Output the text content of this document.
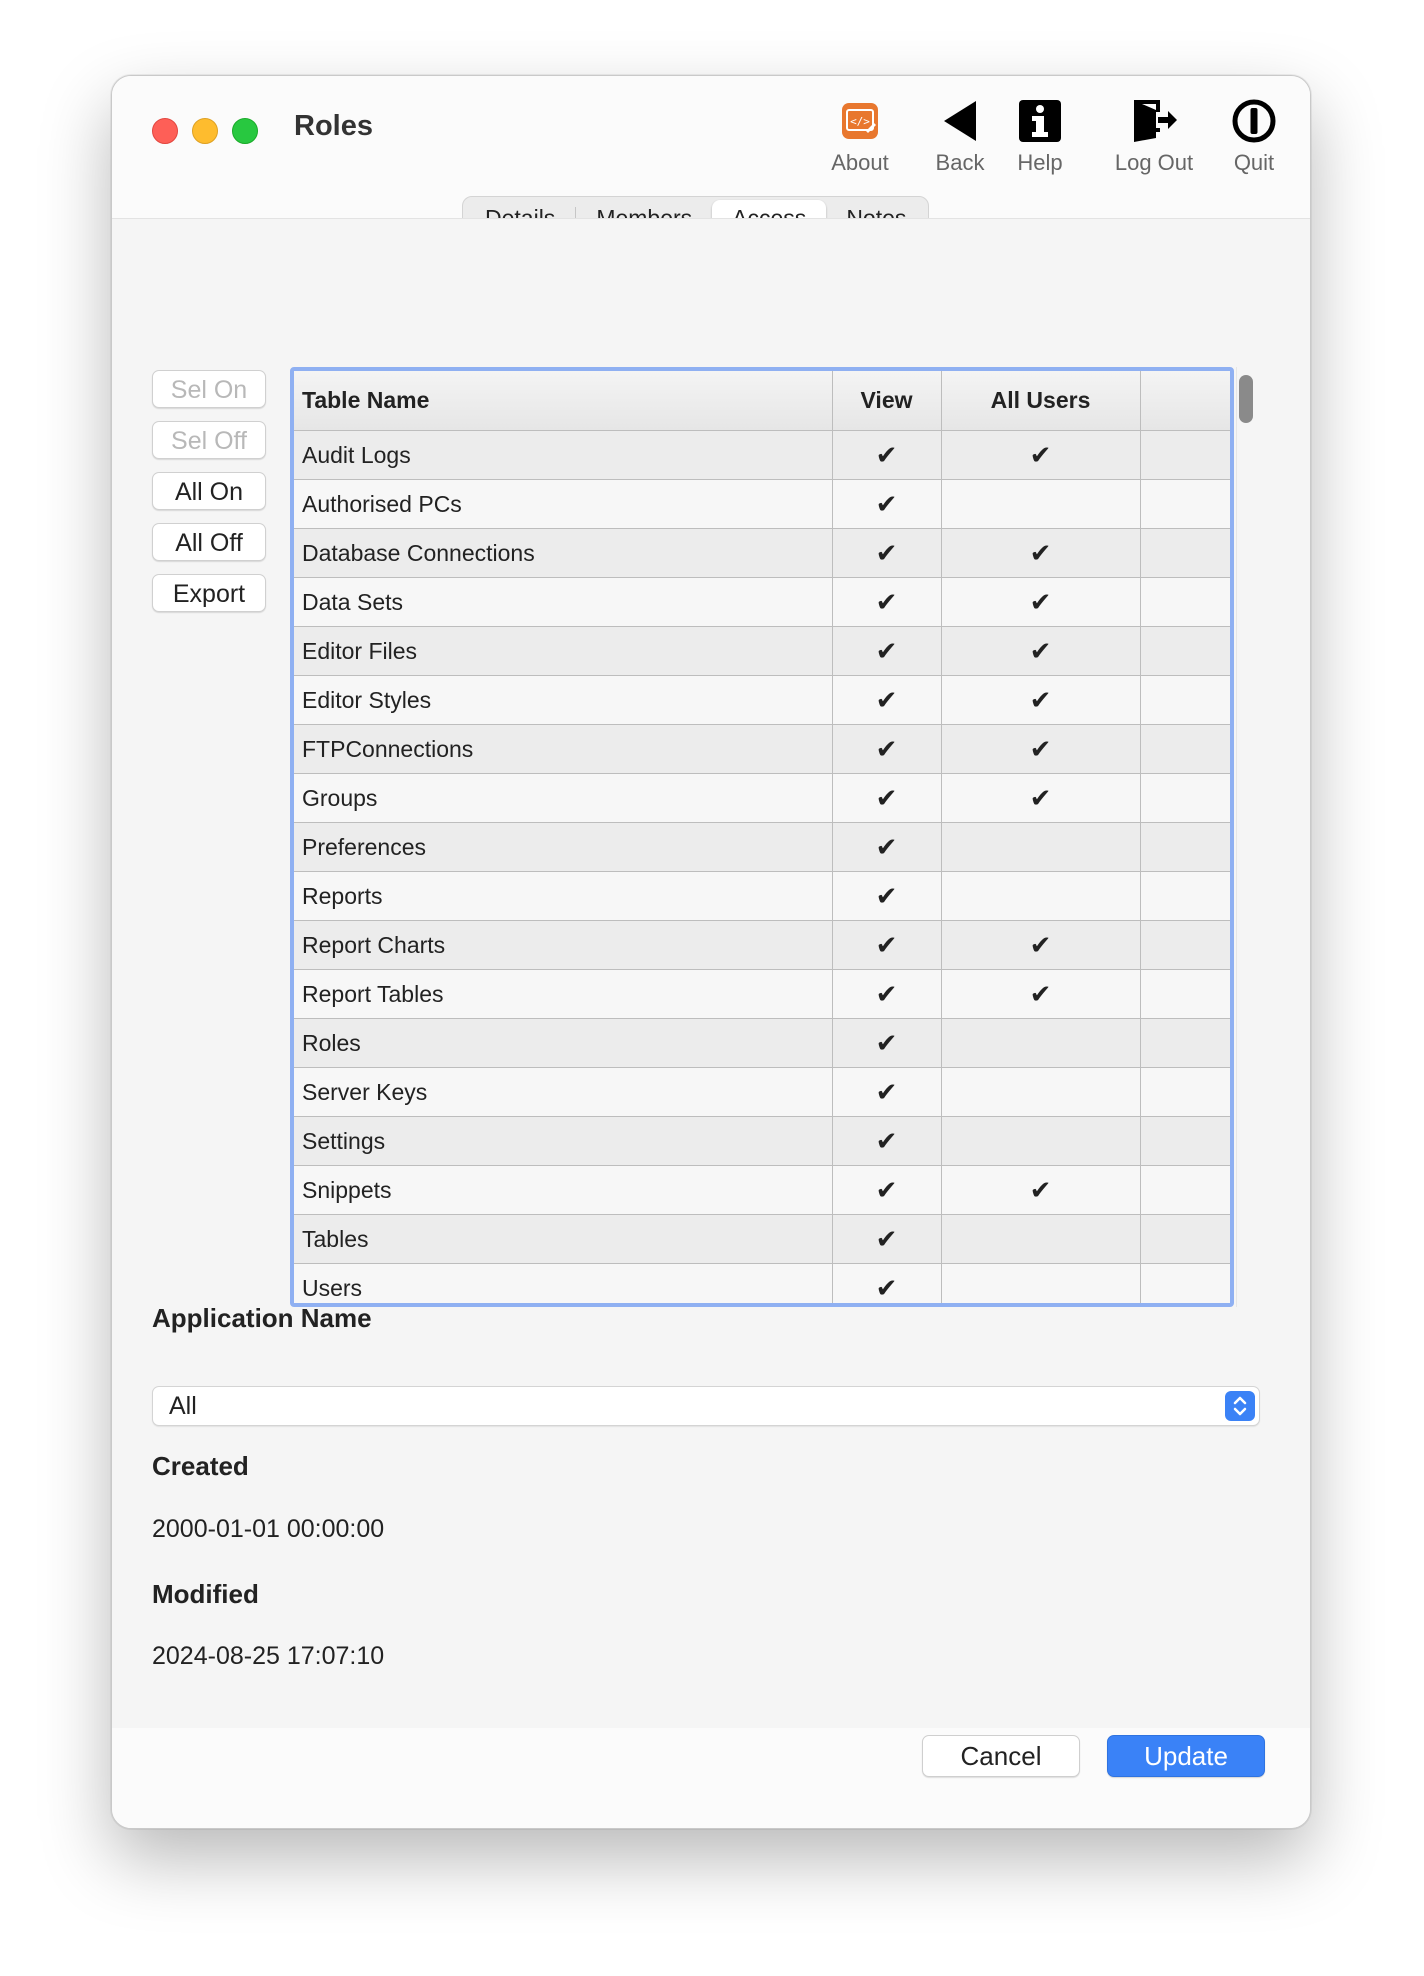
Roles	</>
About	Back	Help	Log Out	Quit
Sel On
Sel Off
All On
All Off
Export
Table Name	View	All Users	
Audit Logs	✔	✔	
Authorised PCs	✔		
Database Connections	✔	✔	
Data Sets	✔	✔	
Editor Files	✔	✔	
Editor Styles	✔	✔	
FTPConnections	✔	✔	
Groups	✔	✔	
Preferences	✔		
Reports	✔		
Report Charts	✔	✔	
Report Tables	✔	✔	
Roles	✔		
Server Keys	✔		
Settings	✔		
Snippets	✔	✔	
Tables	✔		
Users	✔		
Application Name
All
Created
2000-01-01 00:00:00
Modified
2024-08-25 17:07:10
Cancel	Update
